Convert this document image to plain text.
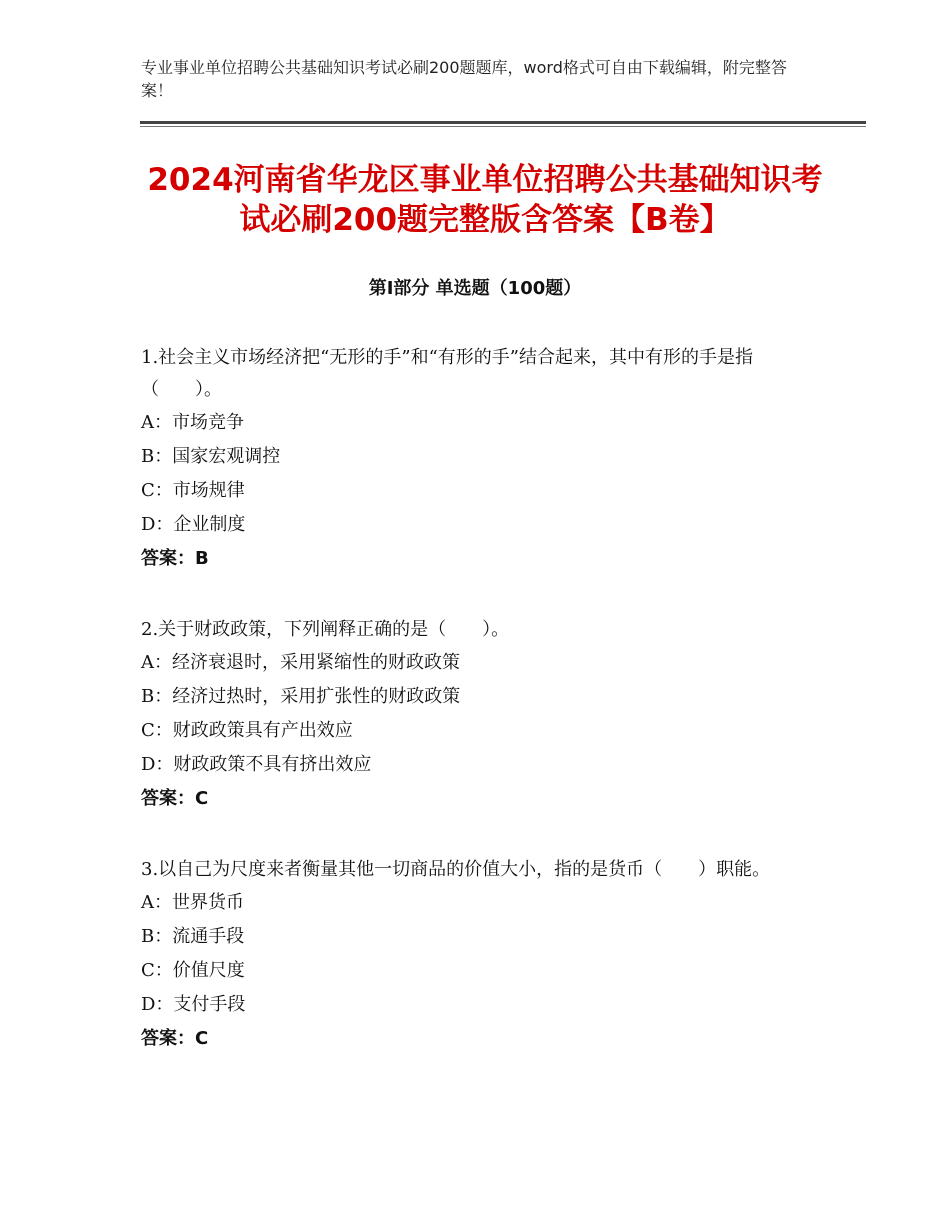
专业事业单位招聘公共基础知识考试必刷200题题库，word格式可自由下载编辑，附完整答案！
2024河南省华龙区事业单位招聘公共基础知识考试必刷200题完整版含答案【B卷】
第Ⅰ部分 单选题（100题）

1.社会主义市场经济把“无形的手”和“有形的手”结合起来，其中有形的手是指（　　）。

A：市场竞争

B：国家宏观调控

C：市场规律

D：企业制度

答案：B

2.关于财政政策，下列阐释正确的是（　　）。

A：经济衰退时，采用紧缩性的财政政策

B：经济过热时，采用扩张性的财政政策

C：财政政策具有产出效应

D：财政政策不具有挤出效应

答案：C

3.以自己为尺度来者衡量其他一切商品的价值大小，指的是货币（　　）职能。

A：世界货币

B：流通手段

C：价值尺度

D：支付手段

答案：C
